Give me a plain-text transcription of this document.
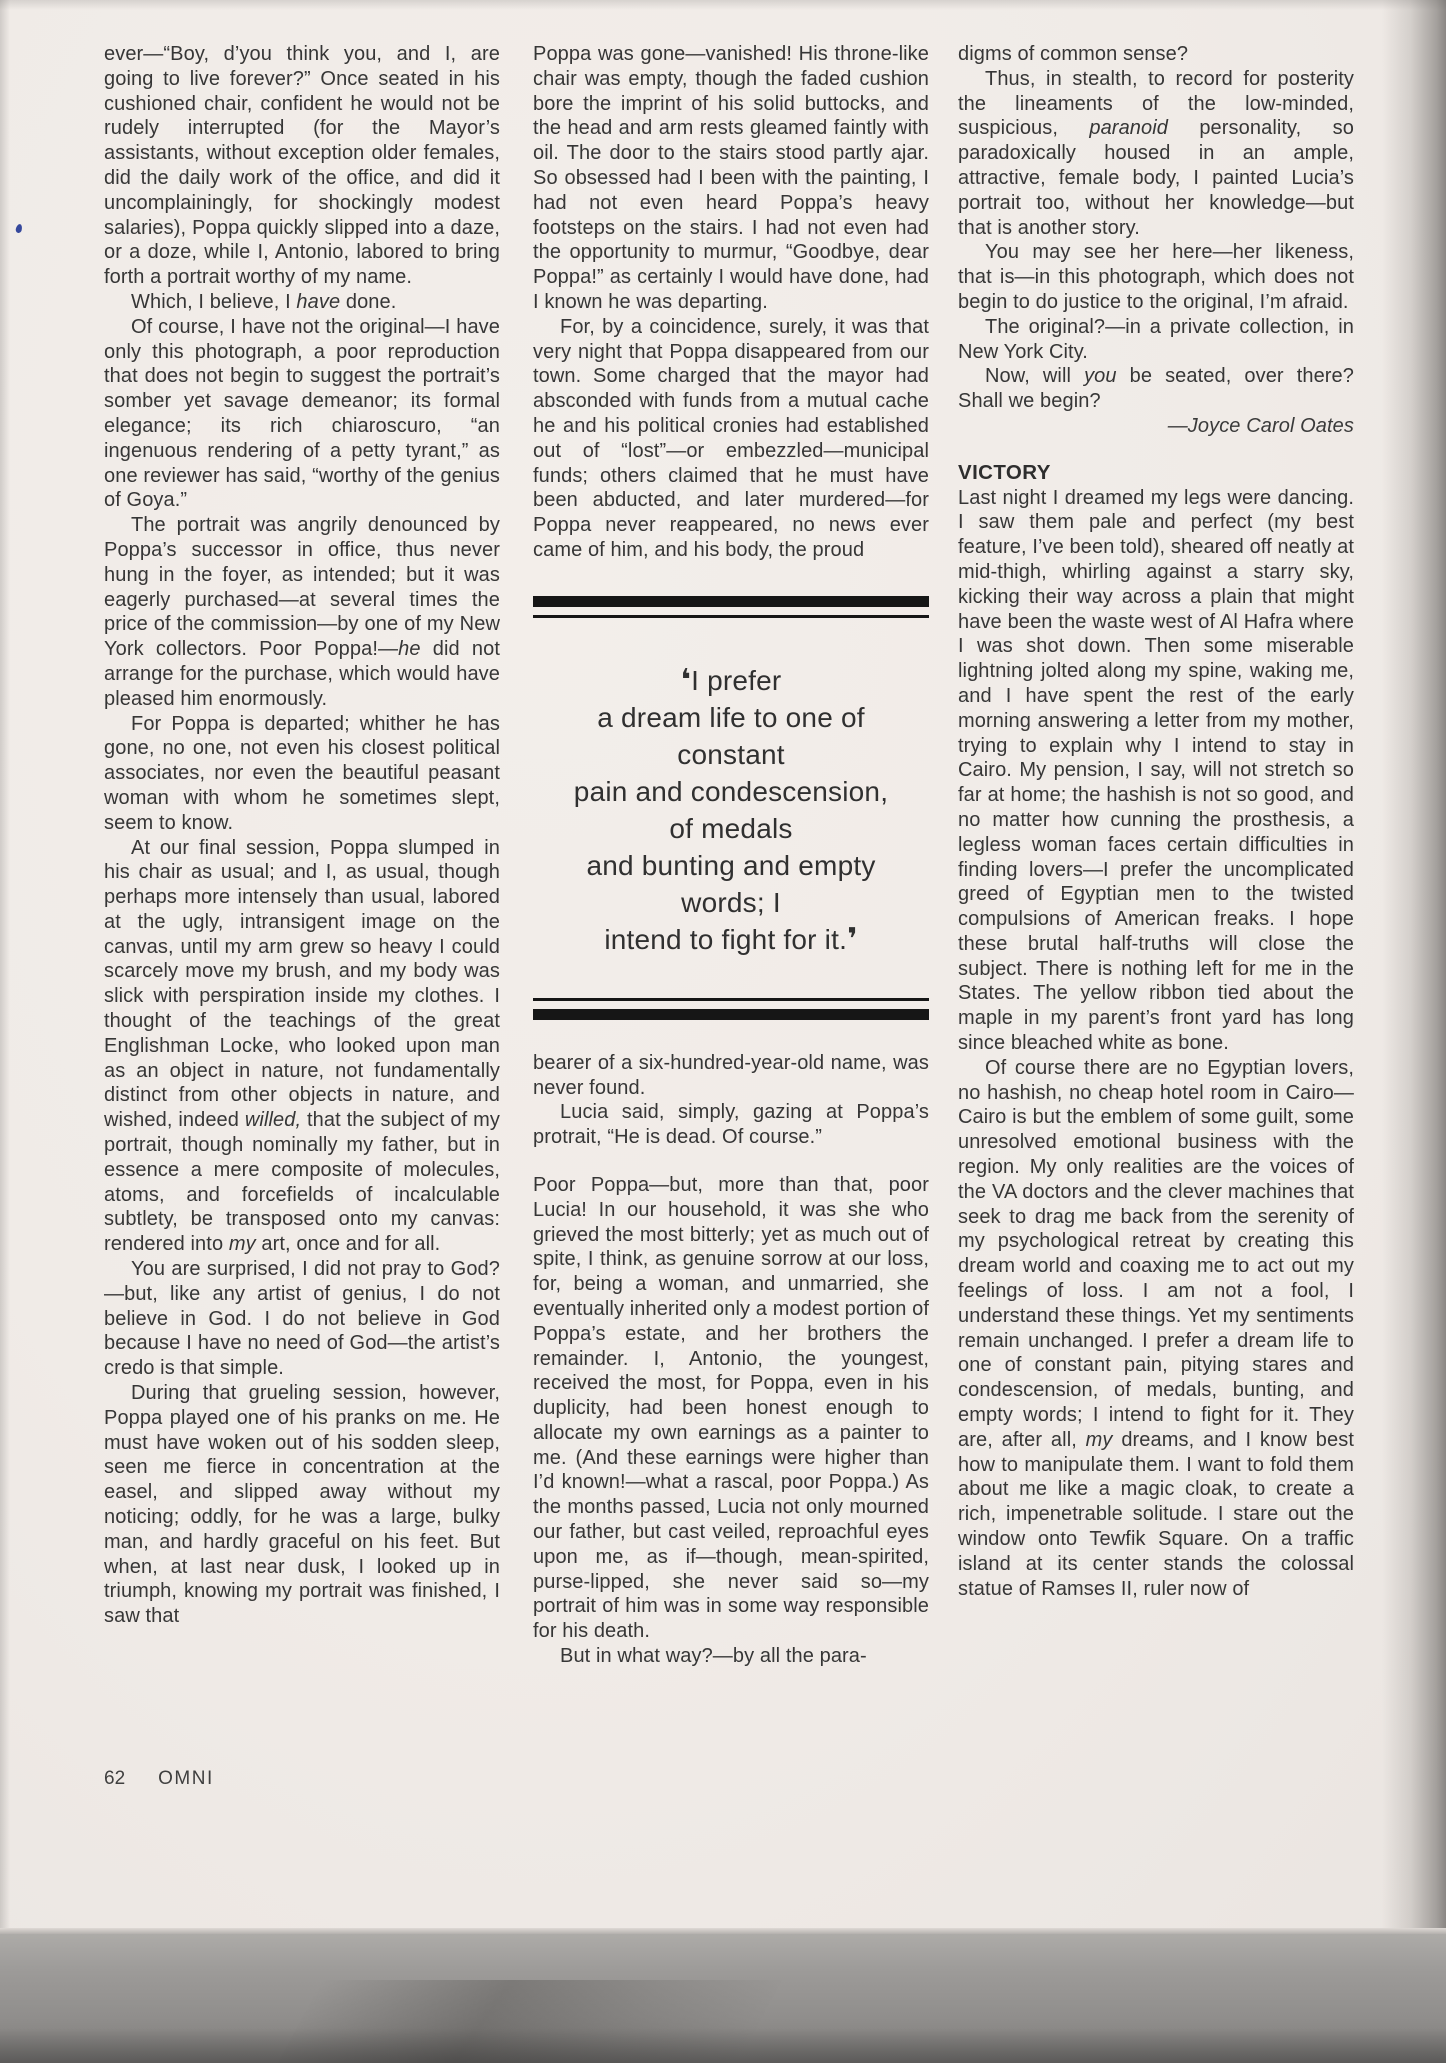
ever—“Boy, d’you think you, and I, are going to live forever?” Once seated in his cushioned chair, confident he would not be rudely interrupted (for the Mayor’s assistants, without exception older females, did the daily work of the office, and did it uncomplainingly, for shockingly modest salaries), Poppa quickly slipped into a daze, or a doze, while I, Antonio, labored to bring forth a portrait worthy of my name.

Which, I believe, I have done.

Of course, I have not the original—I have only this photograph, a poor reproduction that does not begin to suggest the portrait’s somber yet savage demeanor; its formal elegance; its rich chiaroscuro, “an ingenuous rendering of a petty tyrant,” as one reviewer has said, “worthy of the genius of Goya.”

The portrait was angrily denounced by Poppa’s successor in office, thus never hung in the foyer, as intended; but it was eagerly purchased—at several times the price of the commission—by one of my New York collectors. Poor Poppa!—he did not arrange for the purchase, which would have pleased him enormously.

For Poppa is departed; whither he has gone, no one, not even his closest political associates, nor even the beautiful peasant woman with whom he sometimes slept, seem to know.

At our final session, Poppa slumped in his chair as usual; and I, as usual, though perhaps more intensely than usual, labored at the ugly, intransigent image on the canvas, until my arm grew so heavy I could scarcely move my brush, and my body was slick with perspiration inside my clothes. I thought of the teachings of the great Englishman Locke, who looked upon man as an object in nature, not fundamentally distinct from other objects in nature, and wished, indeed willed, that the subject of my portrait, though nominally my father, but in essence a mere composite of molecules, atoms, and forcefields of incalculable subtlety, be transposed onto my canvas: rendered into my art, once and for all.

You are surprised, I did not pray to God?—but, like any artist of genius, I do not believe in God. I do not believe in God because I have no need of God—the artist’s credo is that simple.

During that grueling session, however, Poppa played one of his pranks on me. He must have woken out of his sodden sleep, seen me fierce in concentration at the easel, and slipped away without my noticing; oddly, for he was a large, bulky man, and hardly graceful on his feet. But when, at last near dusk, I looked up in triumph, knowing my portrait was finished, I saw that

Poppa was gone—vanished! His throne-like chair was empty, though the faded cushion bore the imprint of his solid buttocks, and the head and arm rests gleamed faintly with oil. The door to the stairs stood partly ajar. So obsessed had I been with the painting, I had not even heard Poppa’s heavy footsteps on the stairs. I had not even had the opportunity to murmur, “Goodbye, dear Poppa!” as certainly I would have done, had I known he was departing.

For, by a coincidence, surely, it was that very night that Poppa disappeared from our town. Some charged that the mayor had absconded with funds from a mutual cache he and his political cronies had established out of “lost”—or embezzled—municipal funds; others claimed that he must have been abducted, and later murdered—for Poppa never reappeared, no news ever came of him, and his body, the proud

❛I prefer
a dream life to one of
constant
pain and condescension,
of medals
and bunting and empty
words; I
intend to fight for it.❜

bearer of a six-hundred-year-old name, was never found.

Lucia said, simply, gazing at Poppa’s protrait, “He is dead. Of course.”

Poor Poppa—but, more than that, poor Lucia! In our household, it was she who grieved the most bitterly; yet as much out of spite, I think, as genuine sorrow at our loss, for, being a woman, and unmarried, she eventually inherited only a modest portion of Poppa’s estate, and her brothers the remainder. I, Antonio, the youngest, received the most, for Poppa, even in his duplicity, had been honest enough to allocate my own earnings as a painter to me. (And these earnings were higher than I’d known!—what a rascal, poor Poppa.) As the months passed, Lucia not only mourned our father, but cast veiled, reproachful eyes upon me, as if—though, mean-spirited, purse-lipped, she never said so—my portrait of him was in some way responsible for his death.

But in what way?—by all the para-

digms of common sense?

Thus, in stealth, to record for posterity the lineaments of the low-minded, suspicious, paranoid personality, so paradoxically housed in an ample, attractive, female body, I painted Lucia’s portrait too, without her knowledge—but that is another story.

You may see her here—her likeness, that is—in this photograph, which does not begin to do justice to the original, I’m afraid.

The original?—in a private collection, in New York City.

Now, will you be seated, over there? Shall we begin?

—Joyce Carol Oates
VICTORY

Last night I dreamed my legs were dancing. I saw them pale and perfect (my best feature, I’ve been told), sheared off neatly at mid-thigh, whirling against a starry sky, kicking their way across a plain that might have been the waste west of Al Hafra where I was shot down. Then some miserable lightning jolted along my spine, waking me, and I have spent the rest of the early morning answering a letter from my mother, trying to explain why I intend to stay in Cairo. My pension, I say, will not stretch so far at home; the hashish is not so good, and no matter how cunning the prosthesis, a legless woman faces certain difficulties in finding lovers—I prefer the uncomplicated greed of Egyptian men to the twisted compulsions of American freaks. I hope these brutal half-truths will close the subject. There is nothing left for me in the States. The yellow ribbon tied about the maple in my parent’s front yard has long since bleached white as bone.

Of course there are no Egyptian lovers, no hashish, no cheap hotel room in Cairo—Cairo is but the emblem of some guilt, some unresolved emotional business with the region. My only realities are the voices of the VA doctors and the clever machines that seek to drag me back from the serenity of my psychological retreat by creating this dream world and coaxing me to act out my feelings of loss. I am not a fool, I understand these things. Yet my sentiments remain unchanged. I prefer a dream life to one of constant pain, pitying stares and condescension, of medals, bunting, and empty words; I intend to fight for it. They are, after all, my dreams, and I know best how to manipulate them. I want to fold them about me like a magic cloak, to create a rich, impenetrable solitude. I stare out the window onto Tewfik Square. On a traffic island at its center stands the colossal statue of Ramses II, ruler now of

62 OMNI
